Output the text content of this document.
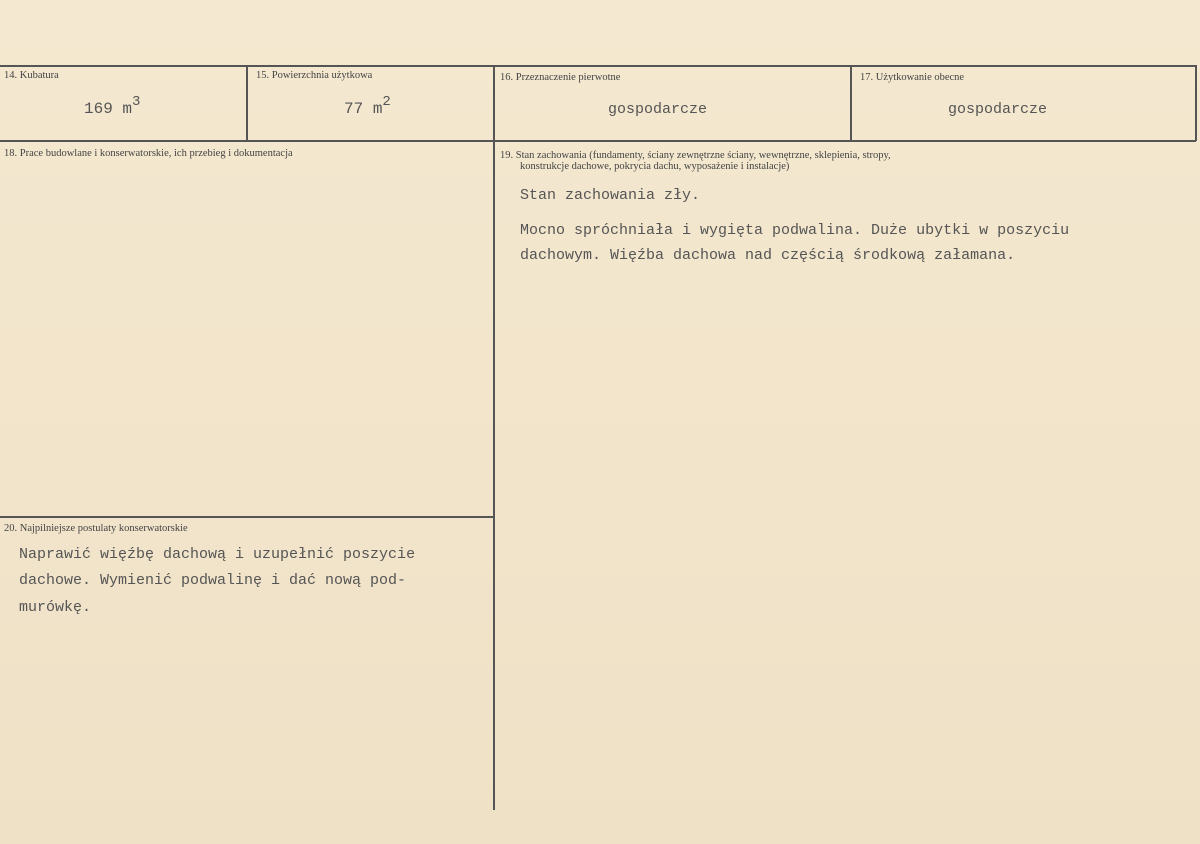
14. Kubatura
169 m3
15. Powierzchnia użytkowa
77 m2
16. Przeznaczenie pierwotne
gospodarcze
17. Użytkowanie obecne
gospodarcze
18. Prace budowlane i konserwatorskie, ich przebieg i dokumentacja	19. Stan zachowania (fundamenty, ściany zewnętrzne ściany, wewnętrzne, sklepienia, stropy,
konstrukcje dachowe, pokrycia dachu, wyposażenie i instalacje)
Stan zachowania zły.
Mocno spróchniała i wygięta podwalina. Duże ubytki w poszyciu
dachowym. Więźba dachowa nad częścią środkową załamana.
20. Najpilniejsze postulaty konserwatorskie
Naprawić więźbę dachową i uzupełnić poszycie
dachowe. Wymienić podwalinę i dać nową pod-
murówkę.
